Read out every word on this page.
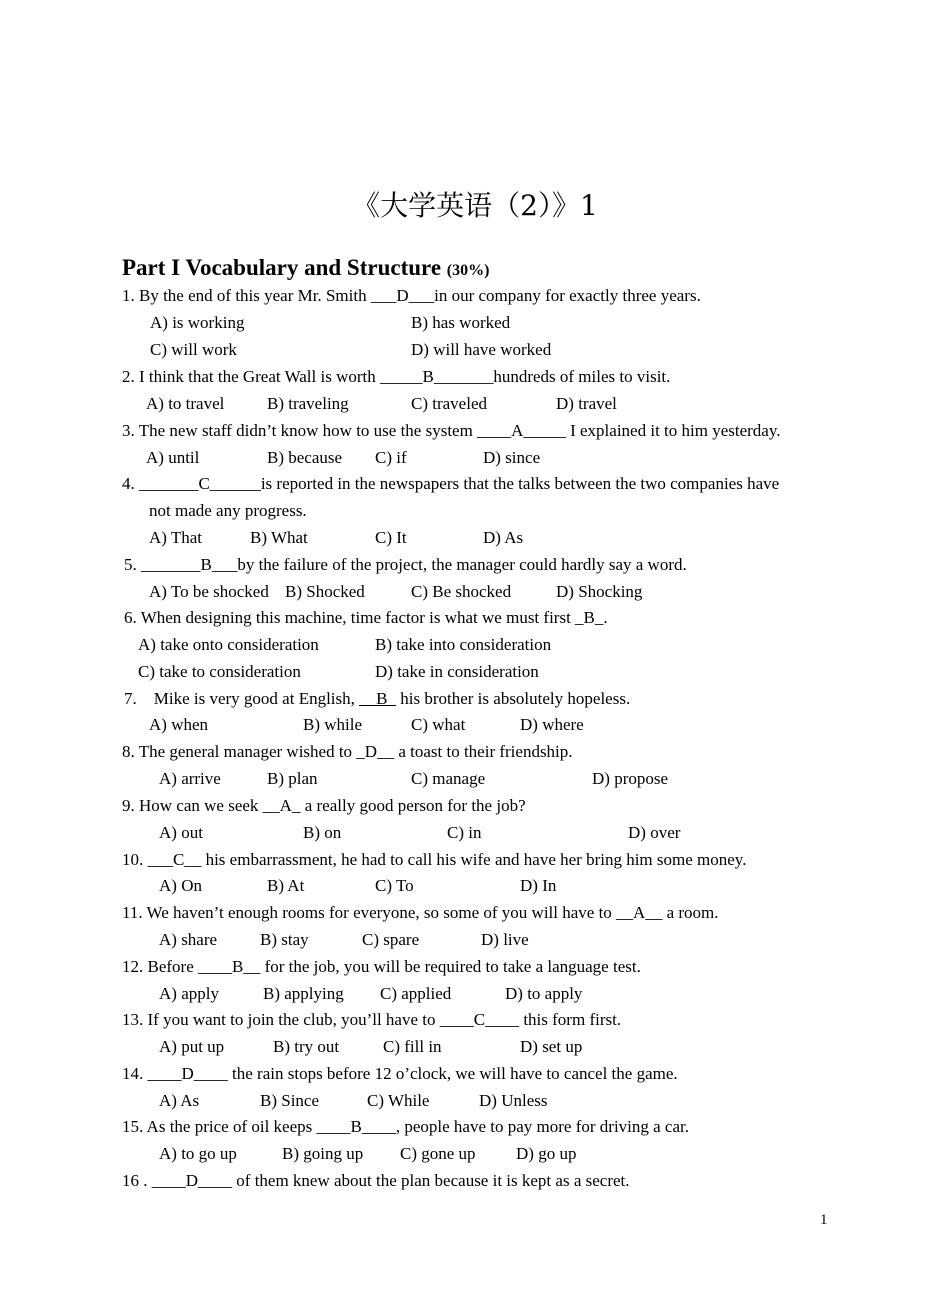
《大学英语（2）》1
Part I Vocabulary and Structure (30%)
1. By the end of this year Mr. Smith ___D___in our company for exactly three years.
A) is working	B) has worked
C) will work	D) will have worked
2. I think that the Great Wall is worth _____B_______hundreds of miles to visit.
A) to travel	B) traveling	C) traveled	D) travel
3. The new staff didn’t know how to use the system ____A_____ I explained it to him yesterday.
A) until	B) because C) if	D) since
4. _______C______is reported in the newspapers that the talks between the two companies have
not made any progress.
A) That	B) What	C) It	D) As
5. _______B___by the failure of the project, the manager could hardly say a word.
A) To be shocked B) Shocked	C) Be shocked	D) Shocking
6. When designing this machine, time factor is what we must first _B_.
A) take onto consideration	B) take into consideration
C) take to consideration	D) take in consideration
7. Mike is very good at English, __B_ his brother is absolutely hopeless.
A) when	B) while	C) what	D) where
8. The general manager wished to _D__ a toast to their friendship.
A) arrive	B) plan	C) manage	D) propose
9. How can we seek __A_ a really good person for the job?
A) out	B) on	C) in	D) over
10. ___C__ his embarrassment, he had to call his wife and have her bring him some money.
A) On	B) At	C) To	D) In
11. We haven’t enough rooms for everyone, so some of you will have to __A__ a room.
A) share	B) stay	C) spare	D) live
12. Before ____B__ for the job, you will be required to take a language test.
A) apply	B) applying C) applied	D) to apply
13. If you want to join the club, you’ll have to ____C____ this form first.
A) put up	B) try out	C) fill in	D) set up
14. ____D____ the rain stops before 12 o’clock, we will have to cancel the game.
A) As	B) Since	C) While	D) Unless
15. As the price of oil keeps ____B____, people have to pay more for driving a car.
A) to go up	B) going up C) gone up D) go up
16 . ____D____ of them knew about the plan because it is kept as a secret.
1
